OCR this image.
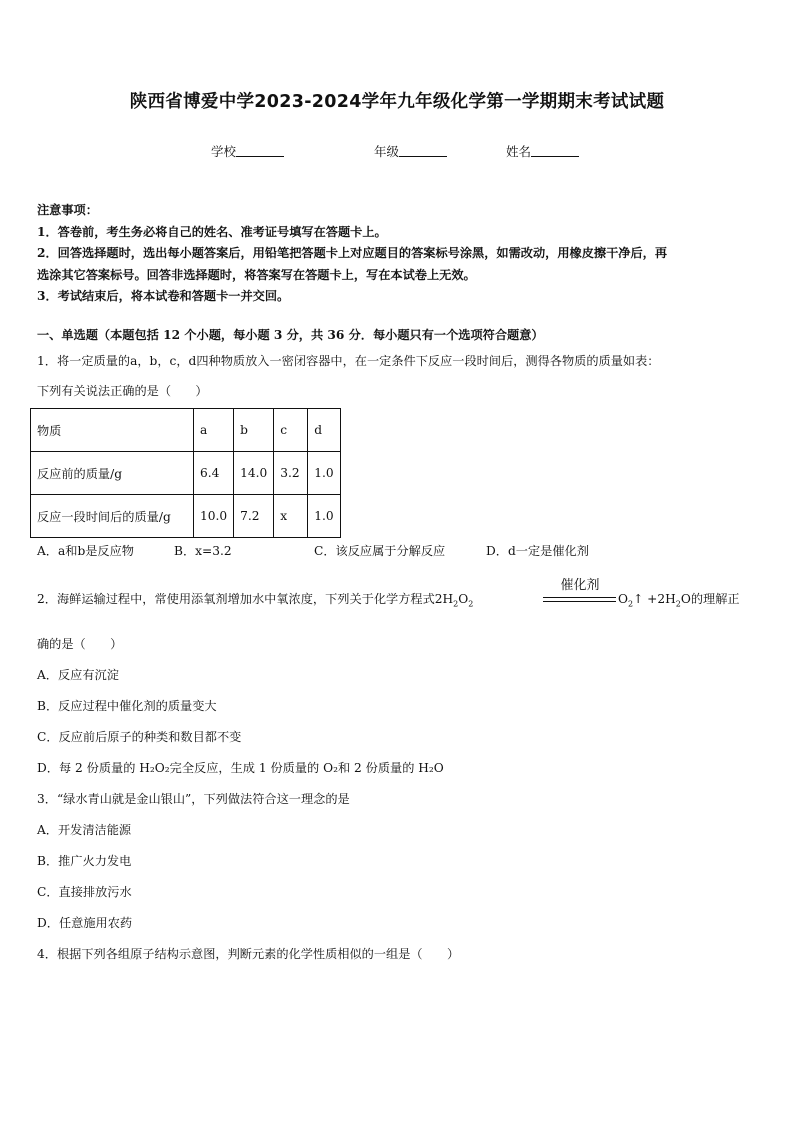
陕西省博爱中学2023-2024学年九年级化学第一学期期末考试试题
学校	年级	姓名

注意事项：

1．答卷前，考生务必将自己的姓名、准考证号填写在答题卡上。

2．回答选择题时，选出每小题答案后，用铅笔把答题卡上对应题目的答案标号涂黑，如需改动，用橡皮擦干净后，再

选涂其它答案标号。回答非选择题时，将答案写在答题卡上，写在本试卷上无效。

3．考试结束后，将本试卷和答题卡一并交回。

一、单选题（本题包括 12 个小题，每小题 3 分，共 36 分．每小题只有一个选项符合题意）
1．将一定质量的a，b，c，d四种物质放入一密闭容器中，在一定条件下反应一段时间后，测得各物质的质量如表：
下列有关说法正确的是（　　）
物质	a	b	c	d
反应前的质量/g	6.4	14.0	3.2	1.0
反应一段时间后的质量/g	10.0	7.2	x	1.0
A．a和b是反应物	B．x=3.2	C．该反应属于分解反应	D．d一定是催化剂
2．海鲜运输过程中，常使用添氧剂增加水中氧浓度，下列关于化学方程式$2H_2O_2$
催化剂
$O_2↑ +2H_2O$的理解正
确的是（　　）
A．反应有沉淀
B．反应过程中催化剂的质量变大
C．反应前后原子的种类和数目都不变
D．每 2 份质量的 H₂O₂完全反应，生成 1 份质量的 O₂和 2 份质量的 H₂O
3．“绿水青山就是金山银山”，下列做法符合这一理念的是
A．开发清洁能源
B．推广火力发电
C．直接排放污水
D．任意施用农药
4．根据下列各组原子结构示意图，判断元素的化学性质相似的一组是（　　）
